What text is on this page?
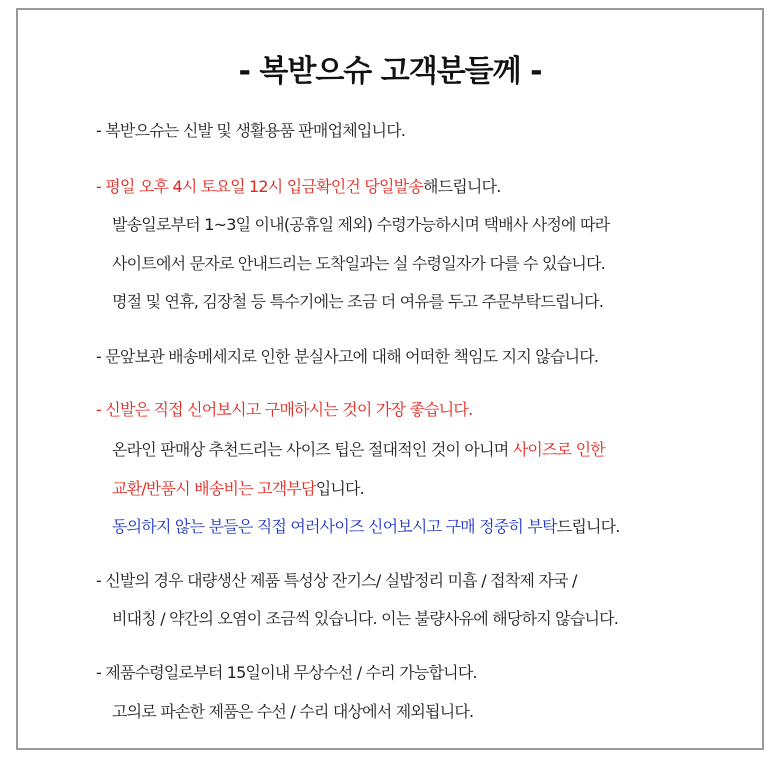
- 복받으슈 고객분들께 -
- 복받으슈는 신발 및 생활용품 판매업체입니다.
- 평일 오후 4시 토요일 12시 입금확인건 당일발송해드립니다.
발송일로부터 1~3일 이내(공휴일 제외) 수령가능하시며 택배사 사정에 따라
사이트에서 문자로 안내드리는 도착일과는 실 수령일자가 다를 수 있습니다.
명절 및 연휴, 김장철 등 특수기에는 조금 더 여유를 두고 주문부탁드립니다.
- 문앞보관 배송메세지로 인한 분실사고에 대해 어떠한 책임도 지지 않습니다.
- 신발은 직접 신어보시고 구매하시는 것이 가장 좋습니다.
온라인 판매상 추천드리는 사이즈 팁은 절대적인 것이 아니며 사이즈로 인한
교환/반품시 배송비는 고객부담입니다.
동의하지 않는 분들은 직접 여러사이즈 신어보시고 구매 정중히 부탁드립니다.
- 신발의 경우 대량생산 제품 특성상 잔기스/ 실밥정리 미흡 / 접착제 자국 /
비대칭 / 약간의 오염이 조금씩 있습니다. 이는 불량사유에 해당하지 않습니다.
- 제품수령일로부터 15일이내 무상수선 / 수리 가능합니다.
고의로 파손한 제품은 수선 / 수리 대상에서 제외됩니다.
